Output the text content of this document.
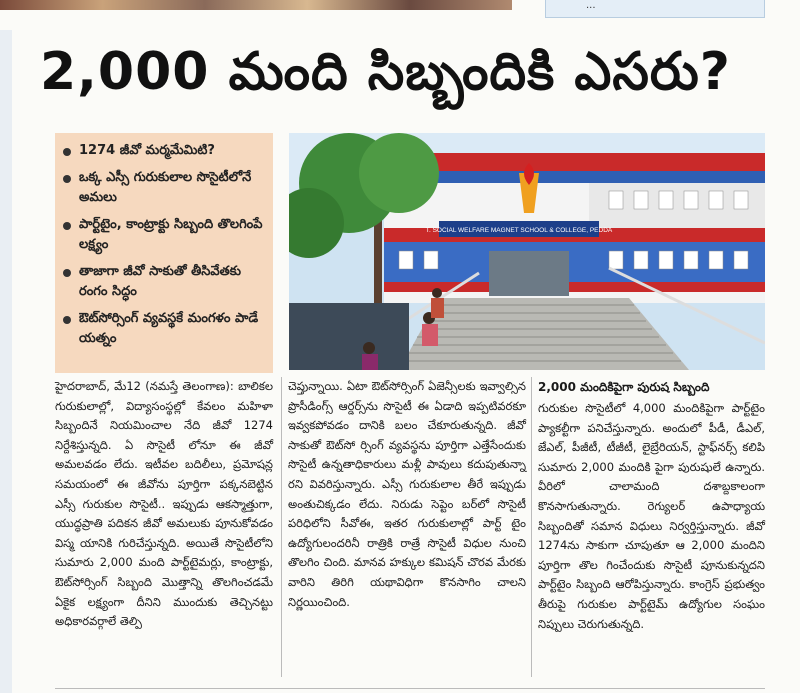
...
2,000 మంది సిబ్బందికి ఎసరు?
1274 జీవో మర్మమేమిటి?
ఒక్క ఎస్సీ గురుకులాల సొసైటీలోనే అమలు
పార్ట్‌టైం, కాంట్రాక్టు సిబ్బంది తొలగింపే లక్ష్యం
తాజాగా జీవో సాకుతో తీసివేతకు రంగం సిద్ధం
ఔట్‌సోర్సింగ్ వ్యవస్థకే మంగళం పాడే యత్నం
T. SOCIAL WELFARE MAGNET SCHOOL & COLLEGE, PEDDA
హైదరాబాద్, మే12 (నమస్తే తెలంగాణ): బాలికల గురుకులాల్లో, విద్యాసంస్థల్లో కేవలం మహిళా సిబ్బందినే నియమించాల నేది జీవో 1274 నిర్దేశిస్తున్నది. ఏ సొసైటీ లోనూ ఈ జీవో అమలవడం లేదు. ఇటీవల బదిలీలు, ప్రమోషన్ల సమయంలో ఈ జీవోను పూర్తిగా పక్కనబెట్టిన ఎస్సీ గురుకుల సొసైటీ.. ఇప్పుడు ఆకస్మాత్తుగా, యుద్ధప్రాతి పదికన జీవో అమలుకు పూనుకోవడం విస్మ యానికి గురిచేస్తున్నది. అయితే సొసైటీలోని సుమారు 2,000 మంది పార్ట్‌టైమర్లు, కాంట్రాక్టు, ఔట్‌సోర్సింగ్ సిబ్బంది మొత్తాన్ని తొలగించడమే ఏకైక లక్ష్యంగా దీనిని ముందుకు తెచ్చినట్టు అధికారవర్గాలే తెల్పి
చెప్తున్నాయి. ఏటా ఔట్‌సోర్సింగ్ ఏజెన్సీలకు ఇవ్వాల్సిన ప్రొసీడింగ్స్ ఆర్డర్స్‌ను సొసైటీ ఈ ఏడాది ఇప్పటివరకూ ఇవ్వకపోవడం దానికి బలం చేకూరుతున్నది. జీవో సాకుతో ఔట్‌సో ర్సింగ్ వ్యవస్థను పూర్తిగా ఎత్తేసేందుకు సొసైటీ ఉన్నతాధికారులు మళ్లీ పావులు కదుపుతున్నా రని వివరిస్తున్నారు. ఎస్సీ గురుకులాల తీరే ఇప్పుడు అంతుచిక్కడం లేదు. నిరుడు సెప్టెం బర్‌లో సొసైటీ పరిధిలోని సీవోఈ, ఇతర గురుకులాల్లో పార్ట్ టైం ఉద్యోగులందరినీ రాత్రికి రాత్రే సొసైటీ విధుల నుంచి తొలగిం చింది. మానవ హక్కుల కమిషన్ చొరవ మేరకు వారిని తిరిగి యథావిధిగా కొనసాగిం చాలని నిర్ణయించింది.
2,000 మందికిపైగా పురుష సిబ్బంది
గురుకుల సొసైటీలో 4,000 మందికిపైగా పార్ట్‌టైం ప్యాకల్టీగా పనిచేస్తున్నారు. అందులో పీడీ, డీఎల్, జేఎల్, పీజీటీ, టీజీటీ, లైబ్రేరియన్, స్టాఫ్‌నర్స్ కలిపి సుమారు 2,000 మందికి పైగా పురుషులే ఉన్నారు. వీరిలో చాలామంది దశాబ్దకాలంగా కొనసాగుతున్నారు. రెగ్యులర్ ఉపాధ్యాయ సిబ్బందితో సమాన విధులు నిర్వర్తిస్తున్నారు. జీవో 1274ను సాకుగా చూపుతూ ఆ 2,000 మందిని పూర్తిగా తొల గించేందుకు సొసైటీ పూనుకున్నదని పార్ట్‌టైం సిబ్బంది ఆరోపిస్తున్నారు. కాంగ్రెస్ ప్రభుత్వం తీరుపై గురుకుల పార్ట్‌టైమ్ ఉద్యోగుల సంఘం నిప్పులు చెరుగుతున్నది.
